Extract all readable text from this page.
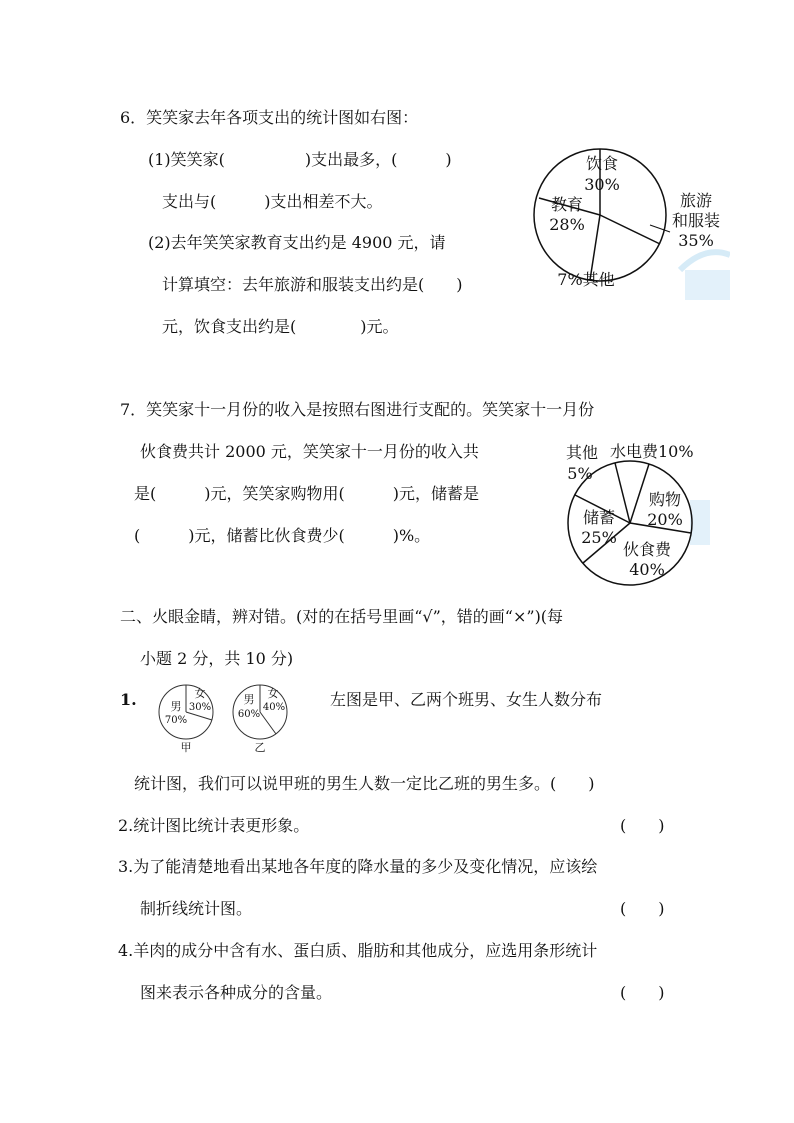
6．笑笑家去年各项支出的统计图如右图：
(1)笑笑家(　　　　　)支出最多，(　　　)
支出与(　　　)支出相差不大。
(2)去年笑笑家教育支出约是 4900 元，请
计算填空：去年旅游和服装支出约是(　　)
元，饮食支出约是(　　　　)元。
饮食
30%
教育
28%
旅游
和服装
35%
7%其他
7．笑笑家十一月份的收入是按照右图进行支配的。笑笑家十一月份
伙食费共计 2000 元，笑笑家十一月份的收入共
是(　　　)元，笑笑家购物用(　　　)元，储蓄是
(　　　)元，储蓄比伙食费少(　　　)%。
其他
5%
水电费10%
购物
20%
储蓄
25%
伙食费
40%
二、火眼金睛，辨对错。(对的在括号里画“√”，错的画“×”)(每
小题 2 分，共 10 分)
1.	女
30%
男
70%
甲
女
40%
男
60%
乙
左图是甲、乙两个班男、女生人数分布
统计图，我们可以说甲班的男生人数一定比乙班的男生多。(　　)
2.统计图比统计表更形象。	(　　)
3.为了能清楚地看出某地各年度的降水量的多少及变化情况，应该绘
制折线统计图。	(　　)
4.羊肉的成分中含有水、蛋白质、脂肪和其他成分，应选用条形统计
图来表示各种成分的含量。	(　　)
